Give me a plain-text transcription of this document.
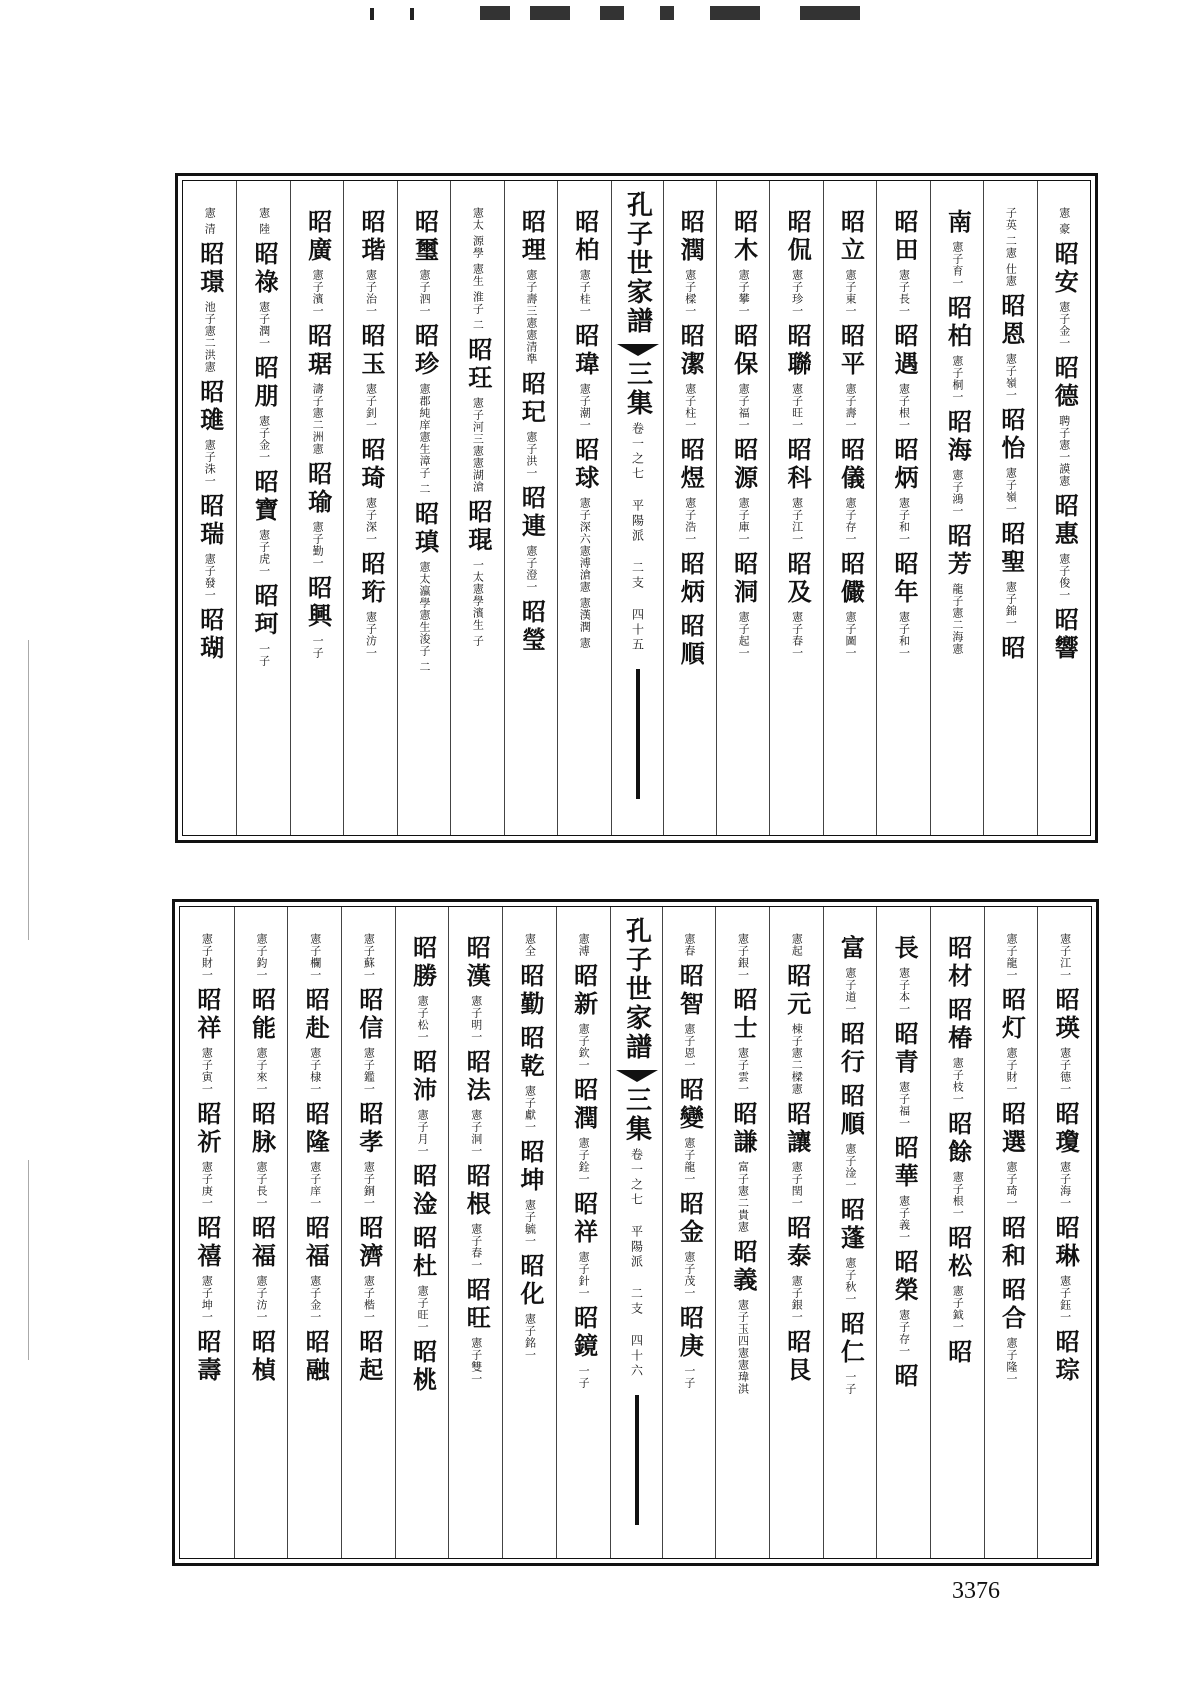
憲
清
昭璟
池子憲二洪憲
昭璡
憲子洙一
昭瑞
憲子發一
昭瑚
憲
陸
昭祿
憲子潤一
昭朋
憲子金一
昭寶
憲子虎一
昭珂
一子
昭廣
憲子濱一
昭琚
濤子憲二洲憲
昭瑜
憲子勤一
昭興
一子
昭瑎
憲子治一
昭玉
憲子釗一
昭琦
憲子深一
昭珩
憲子汸一
昭璽
憲子泗一
昭珍
憲郡純庠憲生漳子
二
昭瑱
憲太瀛學憲生浚子
二
憲太
源學
憲生
淮子
二
昭玨
憲子河三憲憲湖滄
昭琨
一太憲學濱生
子
昭理
憲子壽三憲憲清準
昭玘
憲子洪一
昭連
憲子澄一
昭瑩
昭柏
憲子桂一
昭瑋
憲子潮一
昭球
憲子深六憲溥滄憲
憲漢潤
憲
孔子世家譜
三集
卷一之七 平陽派 二支 四十五
昭潤
憲子樑一
昭潔
憲子柱一
昭煜
憲子浩一
昭炳
昭順
昭木
憲子攀一
昭保
憲子福一
昭源
憲子庫一
昭洞
憲子起一
昭侃
憲子珍一
昭聯
憲子旺一
昭科
憲子江一
昭及
憲子春一
昭立
憲子東一
昭平
憲子壽一
昭儀
憲子存一
昭儼
憲子圖一
昭田
憲子長一
昭遇
憲子根一
昭炳
憲子和一
昭年
憲子和一
南
憲子育一
昭柏
憲子桐一
昭海
憲子鴻一
昭芳
龍子憲二海憲
子英
二憲
仕憲
昭恩
憲子嶺一
昭怡
憲子嶺一
昭聖
憲子錦一
昭
憲
豪
昭安
憲子金一
昭德
聘子憲一謨憲
昭惠
憲子俊一
昭響
憲子財一
昭祥
憲子寅一
昭祈
憲子庚一
昭禧
憲子坤一
昭壽
憲子鈞一
昭能
憲子來一
昭脉
憲子長一
昭福
憲子汸一
昭楨
憲子欄一
昭赴
憲子棣一
昭隆
憲子庠一
昭福
憲子金一
昭融
憲子蘇一
昭信
憲子鑑一
昭孝
憲子銅一
昭濟
憲子楷一
昭起
昭勝
憲子松一
昭沛
憲子月一
昭淦
昭杜
憲子旺一
昭桃
昭漢
憲子明一
昭法
憲子洞一
昭根
憲子春一
昭旺
憲子雙一
憲全
昭勤
昭乾
憲子獻一
昭坤
憲子毓一
昭化
憲子銘一
憲溥
昭新
憲子欽一
昭潤
憲子銓一
昭祥
憲子針一
昭鏡
一子
孔子世家譜
三集
卷一之七 平陽派 二支 四十六
憲春
昭智
憲子恩一
昭變
憲子龍一
昭金
憲子茂一
昭庚
一子
憲子銀一
昭士
憲子雲一
昭謙
富子憲二貴憲
昭義
憲子玉四憲憲瑋淇
憲起
昭元
棟子憲二樑憲
昭讓
憲子閏一
昭泰
憲子銀一
昭艮
富
憲子道一
昭行
昭順
憲子淦一
昭蓬
憲子秋一
昭仁
一子
長
憲子本一
昭青
憲子福一
昭華
憲子義一
昭榮
憲子存一
昭
昭材
昭椿
憲子枝一
昭餘
憲子根一
昭松
憲子鉞一
昭
憲子龍一
昭灯
憲子財一
昭選
憲子琦一
昭和
昭合
憲子隆一
憲子江一
昭瑛
憲子德一
昭瓊
憲子海一
昭琳
憲子鈺一
昭琮
3376
